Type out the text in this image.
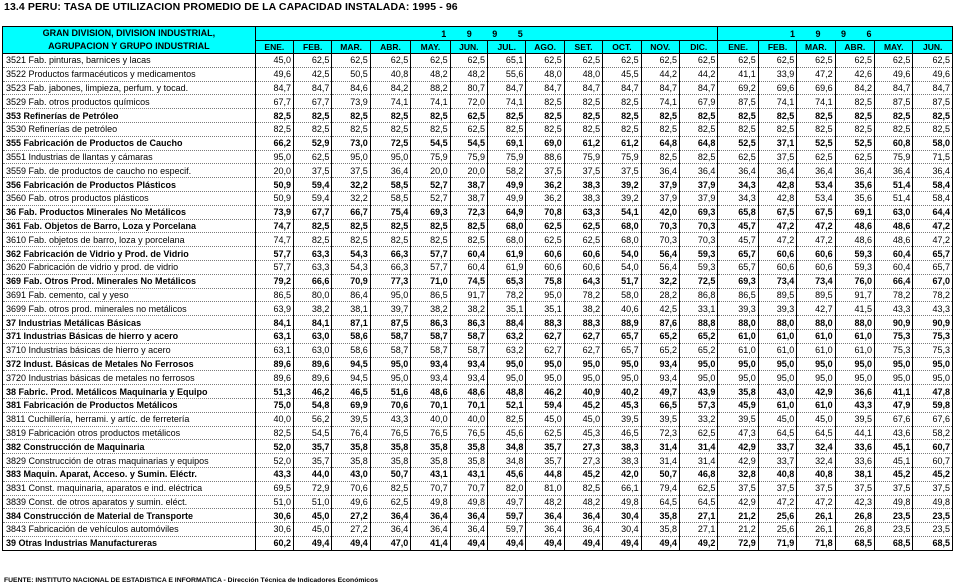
13.4 PERU: TASA DE UTILIZACION PROMEDIO DE LA CAPACIDAD INSTALADA: 1995 - 96
GRAN DIVISION, DIVISION INDUSTRIAL,
AGRUPACION Y GRUPO INDUSTRIAL	1 9 9 5												1 9 9 6					
	ENE.	FEB.	MAR.	ABR.	MAY.	JUN.	JUL.	AGO.	SET.	OCT.	NOV.	DIC.	ENE.	FEB.	MAR.	ABR.	MAY.	JUN.
3521 Fab. pinturas, barnices y lacas	45,0	62,5	62,5	62,5	62,5	62,5	65,1	62,5	62,5	62,5	62,5	62,5	62,5	62,5	62,5	62,5	62,5	62,5
3522 Productos farmacéuticos y medicamentos	49,6	42,5	50,5	40,8	48,2	48,2	55,6	48,0	48,0	45,5	44,2	44,2	41,1	33,9	47,2	42,6	49,6	49,6
3523 Fab. jabones, limpieza, perfum. y tocad.	84,7	84,7	84,6	84,2	88,2	80,7	84,7	84,7	84,7	84,7	84,7	84,7	69,2	69,6	69,6	84,2	84,7	84,7
3529 Fab. otros productos químicos	67,7	67,7	73,9	74,1	74,1	72,0	74,1	82,5	82,5	82,5	74,1	67,9	87,5	74,1	74,1	82,5	87,5	87,5
353 Refinerías de Petróleo	82,5	82,5	82,5	82,5	82,5	62,5	82,5	82,5	82,5	82,5	82,5	82,5	82,5	82,5	82,5	82,5	82,5	82,5
3530 Refinerías de petróleo	82,5	82,5	82,5	82,5	82,5	62,5	82,5	82,5	82,5	82,5	82,5	82,5	82,5	82,5	82,5	82,5	82,5	82,5
355 Fabricación de Productos de Caucho	66,2	52,9	73,0	72,5	54,5	54,5	69,1	69,0	61,2	61,2	64,8	64,8	52,5	37,1	52,5	52,5	60,8	58,0
3551 Industrias de llantas y cámaras	95,0	62,5	95,0	95,0	75,9	75,9	75,9	88,6	75,9	75,9	82,5	82,5	62,5	37,5	62,5	62,5	75,9	71,5
3559 Fab. de productos de caucho no especif.	20,0	37,5	37,5	36,4	20,0	20,0	58,2	37,5	37,5	37,5	36,4	36,4	36,4	36,4	36,4	36,4	36,4	36,4
356 Fabricación de Productos Plásticos	50,9	59,4	32,2	58,5	52,7	38,7	49,9	36,2	38,3	39,2	37,9	37,9	34,3	42,8	53,4	35,6	51,4	58,4
3560 Fab. otros productos plásticos	50,9	59,4	32,2	58,5	52,7	38,7	49,9	36,2	38,3	39,2	37,9	37,9	34,3	42,8	53,4	35,6	51,4	58,4
36 Fab. Productos Minerales No Metálicos	73,9	67,7	66,7	75,4	69,3	72,3	64,9	70,8	63,3	54,1	42,0	69,3	65,8	67,5	67,5	69,1	63,0	64,4
361 Fab. Objetos de Barro, Loza y Porcelana	74,7	82,5	82,5	82,5	82,5	82,5	68,0	62,5	62,5	68,0	70,3	70,3	45,7	47,2	47,2	48,6	48,6	47,2
3610 Fab. objetos de barro, loza y porcelana	74,7	82,5	82,5	82,5	82,5	82,5	68,0	62,5	62,5	68,0	70,3	70,3	45,7	47,2	47,2	48,6	48,6	47,2
362 Fabricación de Vidrio y Prod. de Vidrio	57,7	63,3	54,3	66,3	57,7	60,4	61,9	60,6	60,6	54,0	56,4	59,3	65,7	60,6	60,6	59,3	60,4	65,7
3620 Fabricación de vidrio y prod. de vidrio	57,7	63,3	54,3	66,3	57,7	60,4	61,9	60,6	60,6	54,0	56,4	59,3	65,7	60,6	60,6	59,3	60,4	65,7
369 Fab. Otros Prod. Minerales No Metálicos	79,2	66,6	70,9	77,3	71,0	74,5	65,3	75,8	64,3	51,7	32,2	72,5	69,3	73,4	73,4	76,0	66,4	67,0
3691 Fab. cemento, cal y yeso	86,5	80,0	86,4	95,0	86,5	91,7	78,2	95,0	78,2	58,0	28,2	86,8	86,5	89,5	89,5	91,7	78,2	78,2
3699 Fab. otros prod. minerales no metálicos	63,9	38,2	38,1	39,7	38,2	38,2	35,1	35,1	38,2	40,6	42,5	33,1	39,3	39,3	42,7	41,5	43,3	43,3
37 Industrias Metálicas Básicas	84,1	84,1	87,1	87,5	86,3	86,3	88,4	88,3	88,3	88,9	87,6	88,8	88,0	88,0	88,0	88,0	90,9	90,9
371 Industrias Básicas de hierro y acero	63,1	63,0	58,6	58,7	58,7	58,7	63,2	62,7	62,7	65,7	65,2	65,2	61,0	61,0	61,0	61,0	75,3	75,3
3710 Industrias básicas de hierro y acero	63,1	63,0	58,6	58,7	58,7	58,7	63,2	62,7	62,7	65,7	65,2	65,2	61,0	61,0	61,0	61,0	75,3	75,3
372 Indust. Básicas de Metales No Ferrosos	89,6	89,6	94,5	95,0	93,4	93,4	95,0	95,0	95,0	95,0	93,4	95,0	95,0	95,0	95,0	95,0	95,0	95,0
3720 Industrias básicas de metales no ferrosos	89,6	89,6	94,5	95,0	93,4	93,4	95,0	95,0	95,0	95,0	93,4	95,0	95,0	95,0	95,0	95,0	95,0	95,0
38 Fabric. Prod. Metálicos Maquinaria y Equipo	51,3	46,2	46,5	51,6	48,6	48,6	48,8	46,2	40,9	40,2	49,7	43,9	35,8	43,0	42,9	36,6	41,1	47,8
381 Fabricación de Productos Metálicos	75,0	54,8	69,9	70,6	70,1	70,1	52,1	59,4	45,2	45,3	66,5	57,3	45,9	61,0	61,0	43,3	47,9	59,8
3811 Cuchillería, herrami. y artíc. de ferretería	40,0	56,2	39,5	43,3	40,0	40,0	82,5	45,0	45,0	39,5	39,5	33,2	39,5	45,0	45,0	39,5	67,6	67,6
3819 Fabricación otros productos metálicos	82,5	54,5	76,4	76,5	76,5	76,5	45,6	62,5	45,3	46,5	72,3	62,5	47,3	64,5	64,5	44,1	43,6	58,2
382 Construcción de Maquinaria	52,0	35,7	35,8	35,8	35,8	35,8	34,8	35,7	27,3	38,3	31,4	31,4	42,9	33,7	32,4	33,6	45,1	60,7
3829 Construcción de otras maquinarias y equipos	52,0	35,7	35,8	35,8	35,8	35,8	34,8	35,7	27,3	38,3	31,4	31,4	42,9	33,7	32,4	33,6	45,1	60,7
383 Maquin. Aparat, Acceso. y Sumin. Eléctr.	43,3	44,0	43,0	50,7	43,1	43,1	45,6	44,8	45,2	42,0	50,7	46,8	32,8	40,8	40,8	38,1	45,2	45,2
3831 Const. maquinaria, aparatos e ind. eléctrica	69,5	72,9	70,6	82,5	70,7	70,7	82,0	81,0	82,5	66,1	79,4	62,5	37,5	37,5	37,5	37,5	37,5	37,5
3839 Const. de otros aparatos y sumin. eléct.	51,0	51,0	49,6	62,5	49,8	49,8	49,7	48,2	48,2	49,8	64,5	64,5	42,9	47,2	47,2	42,3	49,8	49,8
384 Construcción de Material de Transporte	30,6	45,0	27,2	36,4	36,4	36,4	59,7	36,4	36,4	30,4	35,8	27,1	21,2	25,6	26,1	26,8	23,5	23,5
3843 Fabricación de vehículos automóviles	30,6	45,0	27,2	36,4	36,4	36,4	59,7	36,4	36,4	30,4	35,8	27,1	21,2	25,6	26,1	26,8	23,5	23,5
39 Otras Industrias Manufactureras	60,2	49,4	49,4	47,0	41,4	49,4	49,4	49,4	49,4	49,4	49,4	49,2	72,9	71,9	71,8	68,5	68,5	68,5
FUENTE: INSTITUTO NACIONAL DE ESTADISTICA E INFORMATICA - Dirección Técnica de Indicadores Económicos
